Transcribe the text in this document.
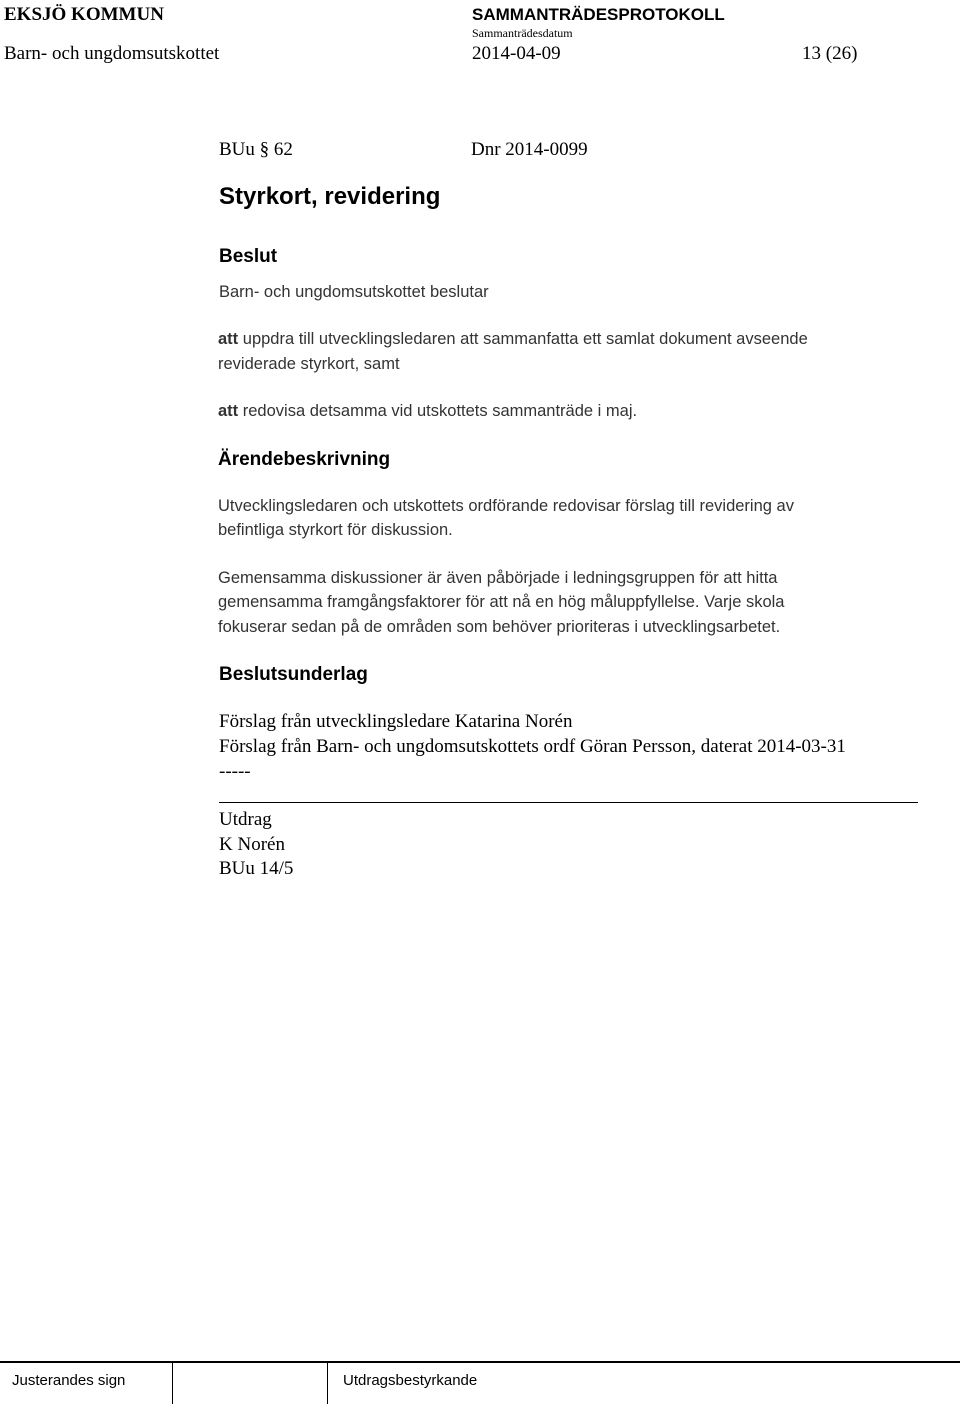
EKSJÖ KOMMUN	SAMMANTRÄDESPROTOKOLL
Sammanträdesdatum
Barn- och ungdomsutskottet	2014-04-09	13 (26)
BUu § 62	Dnr 2014-0099
Styrkort, revidering
Beslut
Barn- och ungdomsutskottet beslutar
att uppdra till utvecklingsledaren att sammanfatta ett samlat dokument avseende
reviderade styrkort, samt
att redovisa detsamma vid utskottets sammanträde i maj.
Ärendebeskrivning
Utvecklingsledaren och utskottets ordförande redovisar förslag till revidering av
befintliga styrkort för diskussion.
Gemensamma diskussioner är även påbörjade i ledningsgruppen för att hitta
gemensamma framgångsfaktorer för att nå en hög måluppfyllelse. Varje skola
fokuserar sedan på de områden som behöver prioriteras i utvecklingsarbetet.
Beslutsunderlag
Förslag från utvecklingsledare Katarina Norén
Förslag från Barn- och ungdomsutskottets ordf Göran Persson, daterat 2014-03-31
-----
Utdrag
K Norén
BUu 14/5
Justerandes sign	Utdragsbestyrkande
